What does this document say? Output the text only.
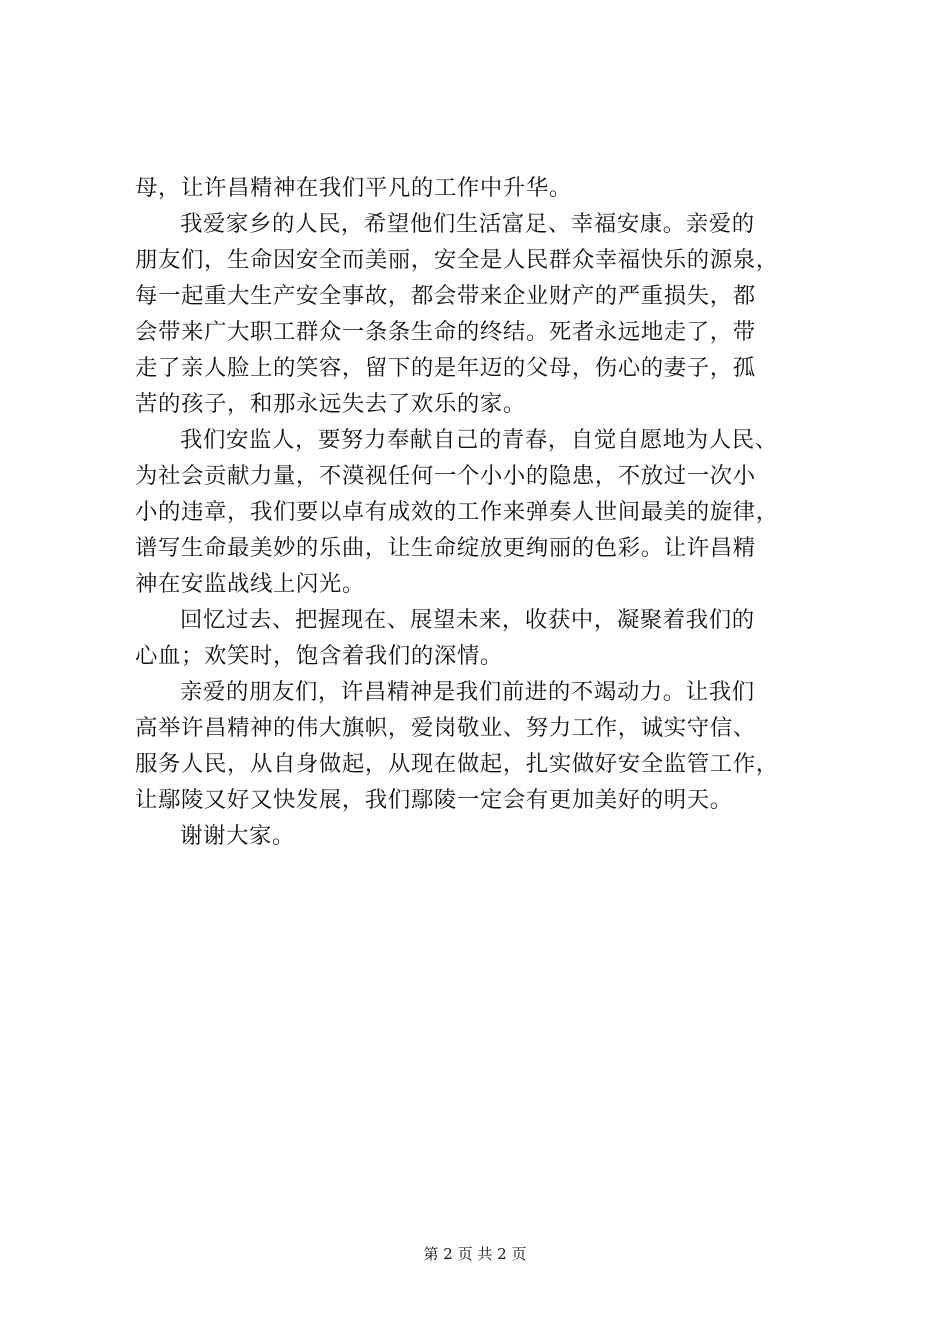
母，让许昌精神在我们平凡的工作中升华。
我爱家乡的人民，希望他们生活富足、幸福安康。亲爱的
朋友们，生命因安全而美丽，安全是人民群众幸福快乐的源泉，
每一起重大生产安全事故，都会带来企业财产的严重损失，都
会带来广大职工群众一条条生命的终结。死者永远地走了，带
走了亲人脸上的笑容，留下的是年迈的父母，伤心的妻子，孤
苦的孩子，和那永远失去了欢乐的家。
我们安监人，要努力奉献自己的青春，自觉自愿地为人民、
为社会贡献力量，不漠视任何一个小小的隐患，不放过一次小
小的违章，我们要以卓有成效的工作来弹奏人世间最美的旋律，
谱写生命最美妙的乐曲，让生命绽放更绚丽的色彩。让许昌精
神在安监战线上闪光。
回忆过去、把握现在、展望未来，收获中，凝聚着我们的
心血；欢笑时，饱含着我们的深情。
亲爱的朋友们，许昌精神是我们前进的不竭动力。让我们
高举许昌精神的伟大旗帜，爱岗敬业、努力工作，诚实守信、
服务人民，从自身做起，从现在做起，扎实做好安全监管工作，
让鄢陵又好又快发展，我们鄢陵一定会有更加美好的明天。
谢谢大家。
第 2 页 共 2 页
